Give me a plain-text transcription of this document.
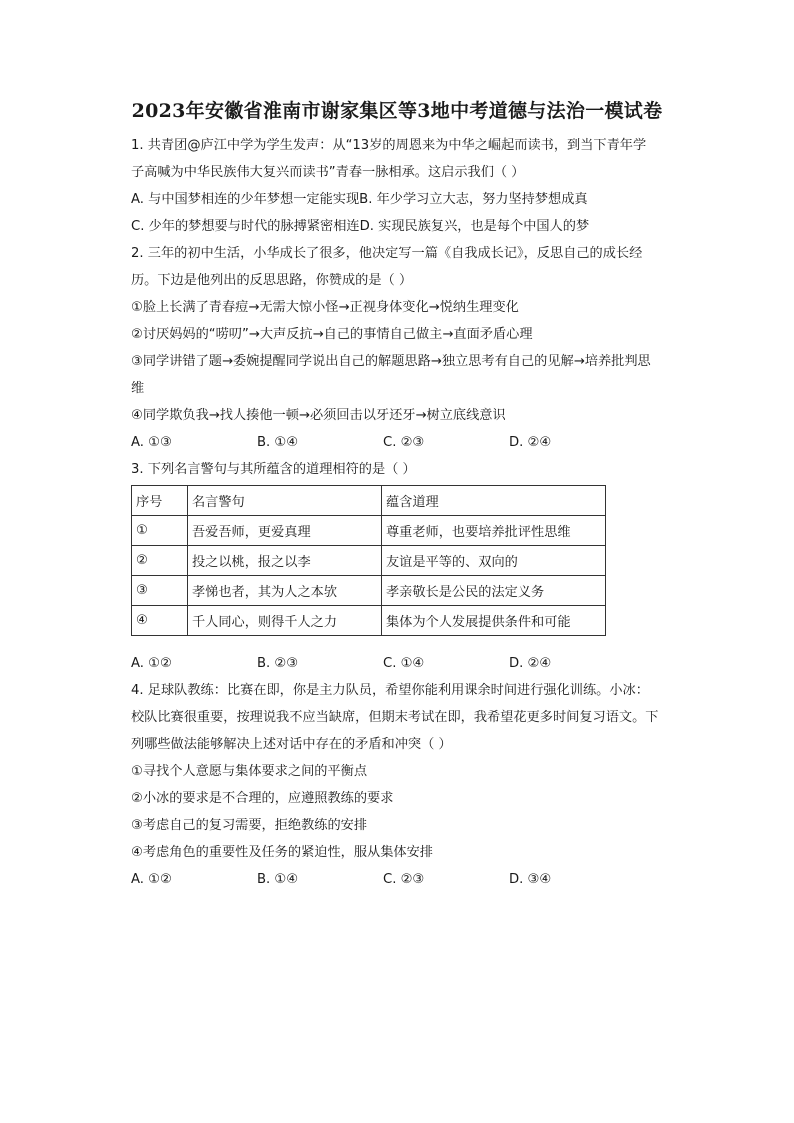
2023年安徽省淮南市谢家集区等3地中考道德与法治一模试卷
1. 共青团@庐江中学为学生发声：从“13岁的周恩来为中华之崛起而读书，到当下青年学
子高喊为中华民族伟大复兴而读书”青春一脉相承。这启示我们（ ）
A. 与中国梦相连的少年梦想一定能实现 B. 年少学习立大志，努力坚持梦想成真
C. 少年的梦想要与时代的脉搏紧密相连 D. 实现民族复兴，也是每个中国人的梦
2. 三年的初中生活，小华成长了很多，他决定写一篇《自我成长记》，反思自己的成长经
历。下边是他列出的反思思路，你赞成的是（ ）
①脸上长满了青春痘→无需大惊小怪→正视身体变化→悦纳生理变化
②讨厌妈妈的“唠叨”→大声反抗→自己的事情自己做主→直面矛盾心理
③同学讲错了题→委婉提醒同学说出自己的解题思路→独立思考有自己的见解→培养批判思
维
④同学欺负我→找人揍他一顿→必须回击以牙还牙→树立底线意识
A. ①③	B. ①④	C. ②③	D. ②④
3. 下列名言警句与其所蕴含的道理相符的是（ ）
序号	名言警句	蕴含道理
①	吾爱吾师，更爱真理	尊重老师，也要培养批评性思维
②	投之以桃，报之以李	友谊是平等的、双向的
③	孝悌也者，其为人之本欤	孝亲敬长是公民的法定义务
④	千人同心，则得千人之力	集体为个人发展提供条件和可能
A. ①②	B. ②③	C. ①④	D. ②④
4. 足球队教练：比赛在即，你是主力队员，希望你能利用课余时间进行强化训练。小冰：
校队比赛很重要，按理说我不应当缺席，但期末考试在即，我希望花更多时间复习语文。下
列哪些做法能够解决上述对话中存在的矛盾和冲突（ ）
①寻找个人意愿与集体要求之间的平衡点
②小冰的要求是不合理的，应遵照教练的要求
③考虑自己的复习需要，拒绝教练的安排
④考虑角色的重要性及任务的紧迫性，服从集体安排
A. ①②	B. ①④	C. ②③	D. ③④
